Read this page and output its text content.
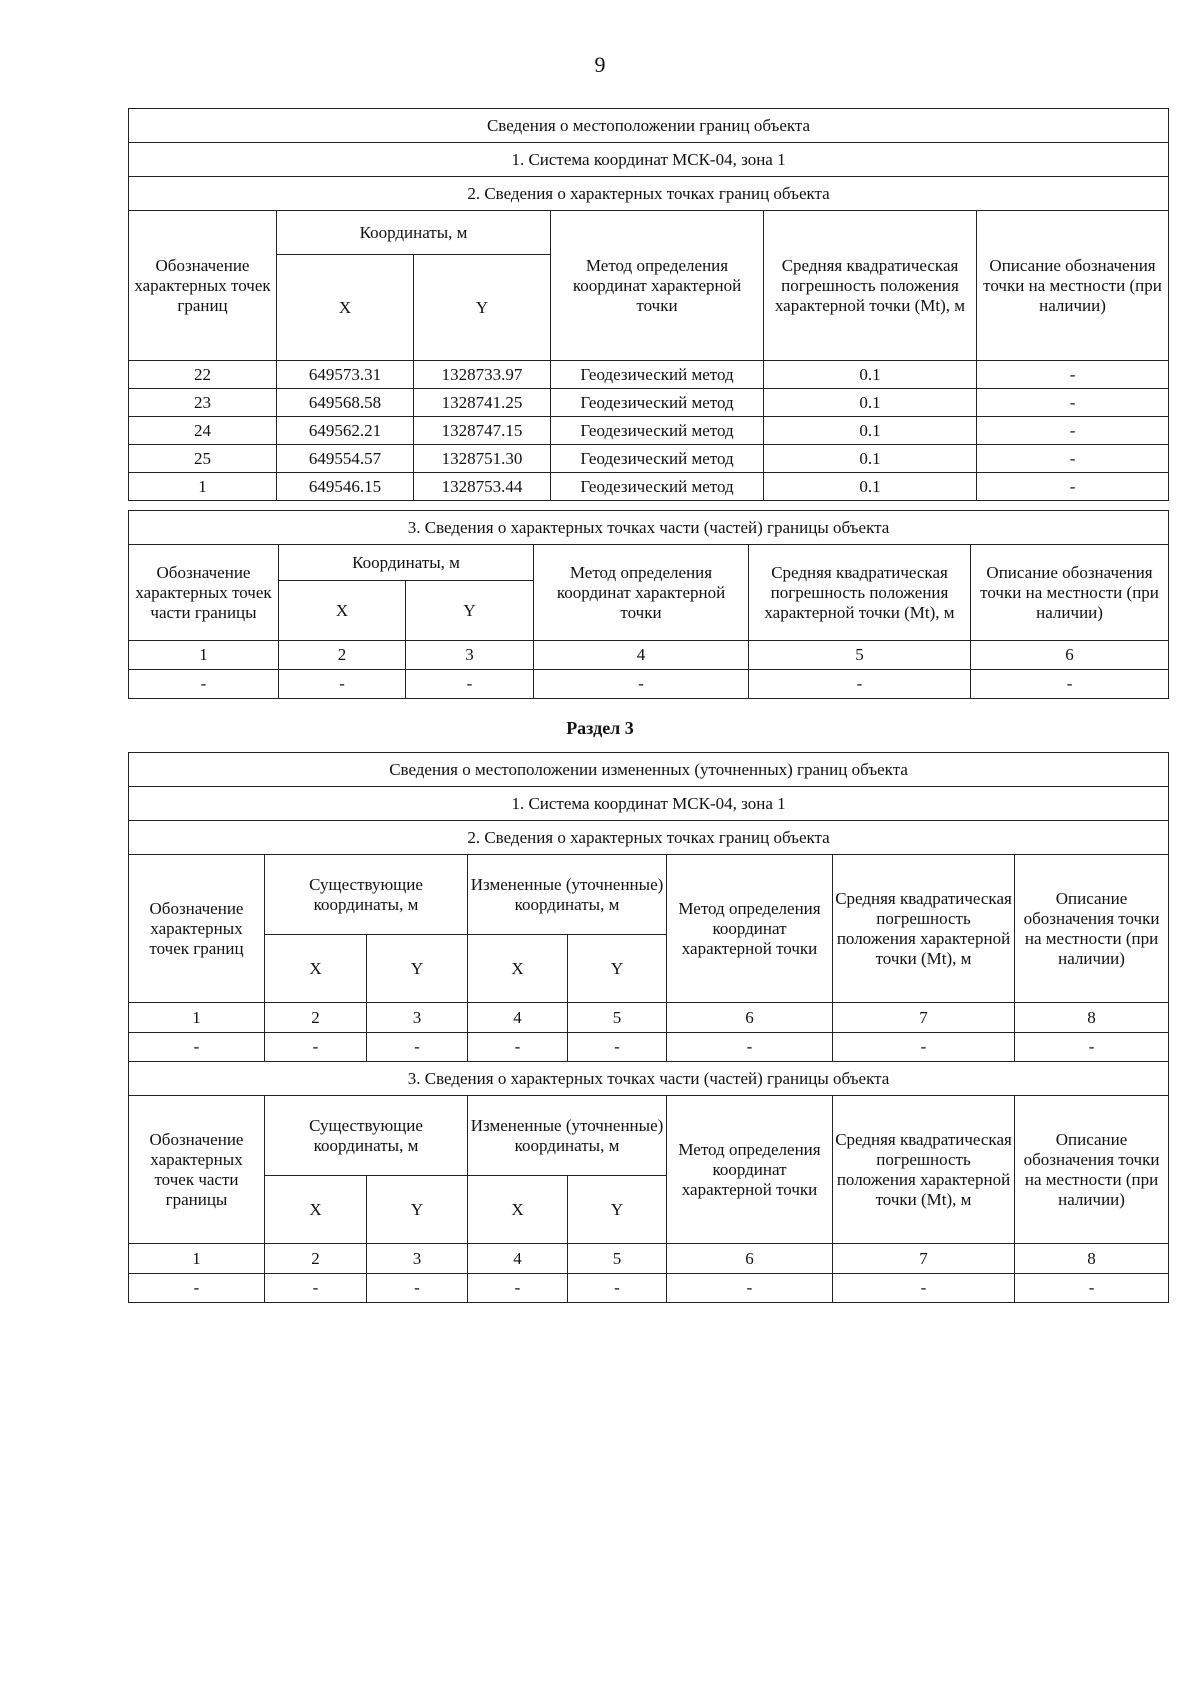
9
Сведения о местоположении границ объекта					
1. Система координат МСК-04, зона 1					
2. Сведения о характерных точках границ объекта					
Обозначение характерных точек границ	Координаты, м		Метод определения координат характерной точки	Средняя квадратическая погрешность положения характерной точки (Mt), м	Описание обозначения точки на местности (при наличии)
	X	Y			
22	649573.31	1328733.97	Геодезический метод	0.1	-
23	649568.58	1328741.25	Геодезический метод	0.1	-
24	649562.21	1328747.15	Геодезический метод	0.1	-
25	649554.57	1328751.30	Геодезический метод	0.1	-
1	649546.15	1328753.44	Геодезический метод	0.1	-
3. Сведения о характерных точках части (частей) границы объекта					
Обозначение характерных точек части границы	Координаты, м		Метод определения координат характерной точки	Средняя квадратическая погрешность положения характерной точки (Mt), м	Описание обозначения точки на местности (при наличии)
	X	Y			
1	2	3	4	5	6
-	-	-	-	-	-
Раздел 3
Сведения о местоположении измененных (уточненных) границ объекта							
1. Система координат МСК-04, зона 1							
2. Сведения о характерных точках границ объекта							
Обозначение характерных точек границ	Существующие координаты, м		Измененные (уточненные) координаты, м		Метод определения координат характерной точки	Средняя квадратическая погрешность положения характерной точки (Mt), м	Описание обозначения точки на местности (при наличии)
	X	Y	X	Y			
1	2	3	4	5	6	7	8
-	-	-	-	-	-	-	-
3. Сведения о характерных точках части (частей) границы объекта							
Обозначение характерных точек части границы	Существующие координаты, м		Измененные (уточненные) координаты, м		Метод определения координат характерной точки	Средняя квадратическая погрешность положения характерной точки (Mt), м	Описание обозначения точки на местности (при наличии)
	X	Y	X	Y			
1	2	3	4	5	6	7	8
-	-	-	-	-	-	-	-
